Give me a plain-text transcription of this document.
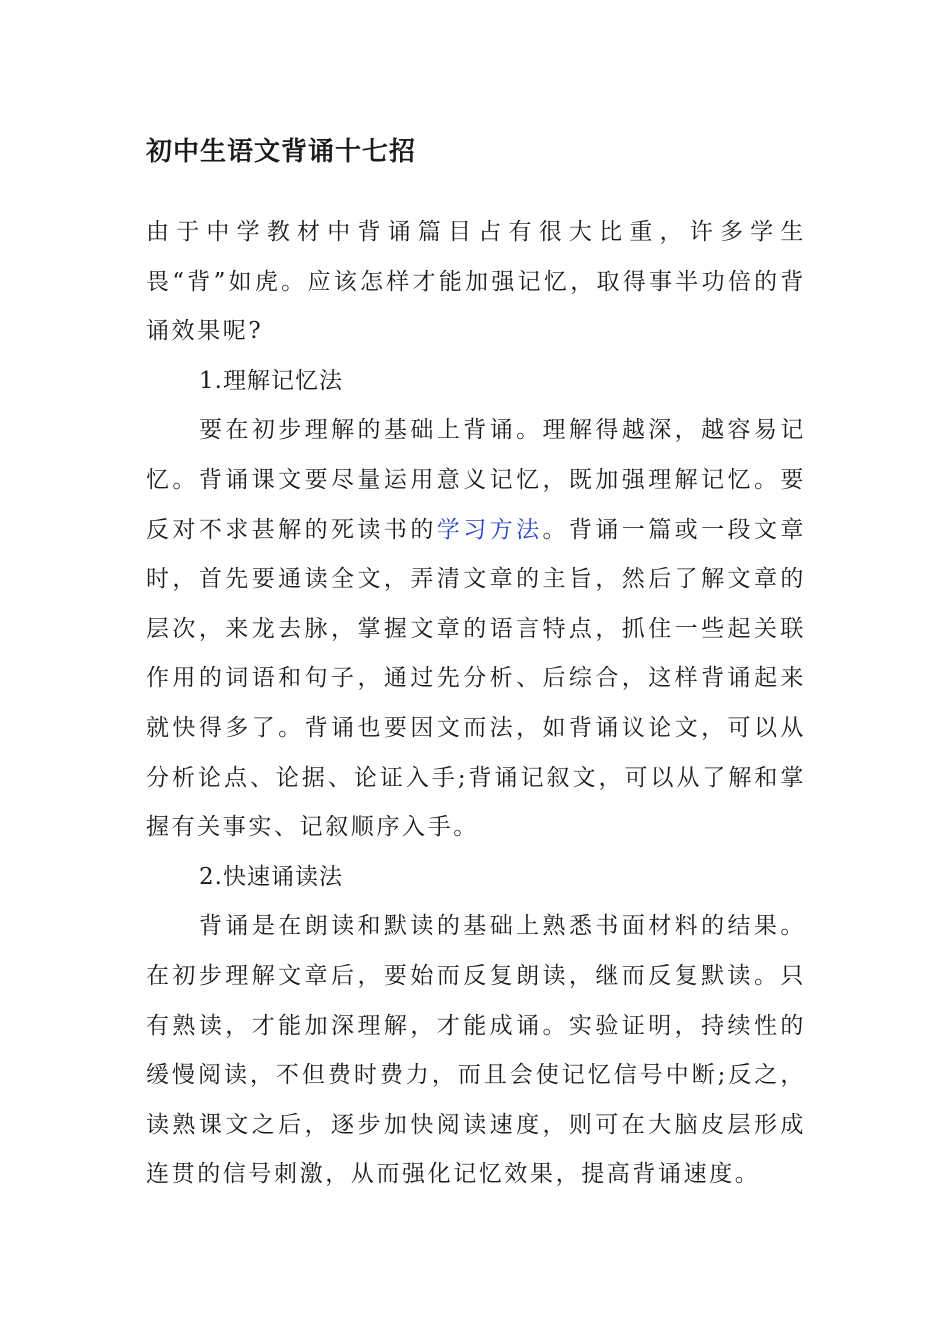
初中生语文背诵十七招

由于中学教材中背诵篇目占有很大比重，许多学生畏“背”如虎。应该怎样才能加强记忆，取得事半功倍的背诵效果呢?

1.理解记忆法

要在初步理解的基础上背诵。理解得越深，越容易记忆。背诵课文要尽量运用意义记忆，既加强理解记忆。要反对不求甚解的死读书的学习方法。背诵一篇或一段文章时，首先要通读全文，弄清文章的主旨，然后了解文章的层次，来龙去脉，掌握文章的语言特点，抓住一些起关联作用的词语和句子，通过先分析、后综合，这样背诵起来就快得多了。背诵也要因文而法，如背诵议论文，可以从分析论点、论据、论证入手;背诵记叙文，可以从了解和掌握有关事实、记叙顺序入手。

2.快速诵读法

背诵是在朗读和默读的基础上熟悉书面材料的结果。在初步理解文章后，要始而反复朗读，继而反复默读。只有熟读，才能加深理解，才能成诵。实验证明，持续性的缓慢阅读，不但费时费力，而且会使记忆信号中断;反之，读熟课文之后，逐步加快阅读速度，则可在大脑皮层形成连贯的信号刺激，从而强化记忆效果，提高背诵速度。
